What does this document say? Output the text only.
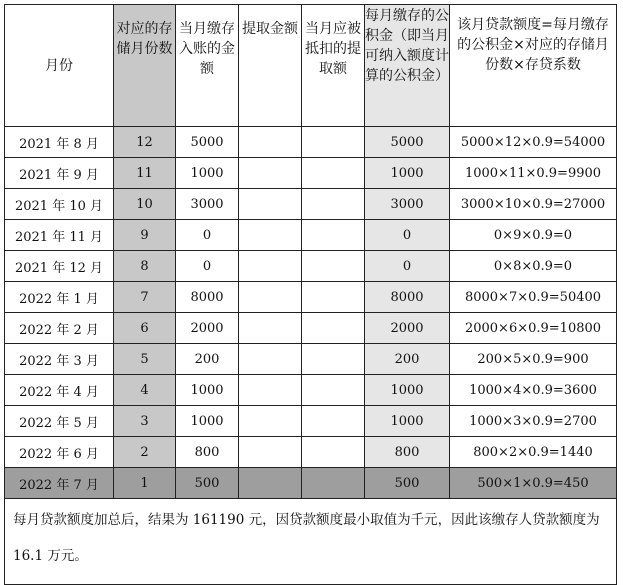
月份	对应的存储月份数	当月缴存入账的金额	提取金额	当月应被抵扣的提取额	每月缴存的公积金（即当月可纳入额度计算的公积金）	该月贷款额度=每月缴存的公积金×对应的存储月份数×存贷系数

2021 年 8 月	12	5000			5000	5000×12×0.9=54000
2021 年 9 月	11	1000			1000	1000×11×0.9=9900
2021 年 10 月	10	3000			3000	3000×10×0.9=27000
2021 年 11 月	9	0			0	0×9×0.9=0
2021 年 12 月	8	0			0	0×8×0.9=0
2022 年 1 月	7	8000			8000	8000×7×0.9=50400
2022 年 2 月	6	2000			2000	2000×6×0.9=10800
2022 年 3 月	5	200			200	200×5×0.9=900
2022 年 4 月	4	1000			1000	1000×4×0.9=3600
2022 年 5 月	3	1000			1000	1000×3×0.9=2700
2022 年 6 月	2	800			800	800×2×0.9=1440
2022 年 7 月	1	500			500	500×1×0.9=450
每月贷款额度加总后，结果为 161190 元，因贷款额度最小取值为千元，因此该缴存人贷款额度为 16.1 万元。						
